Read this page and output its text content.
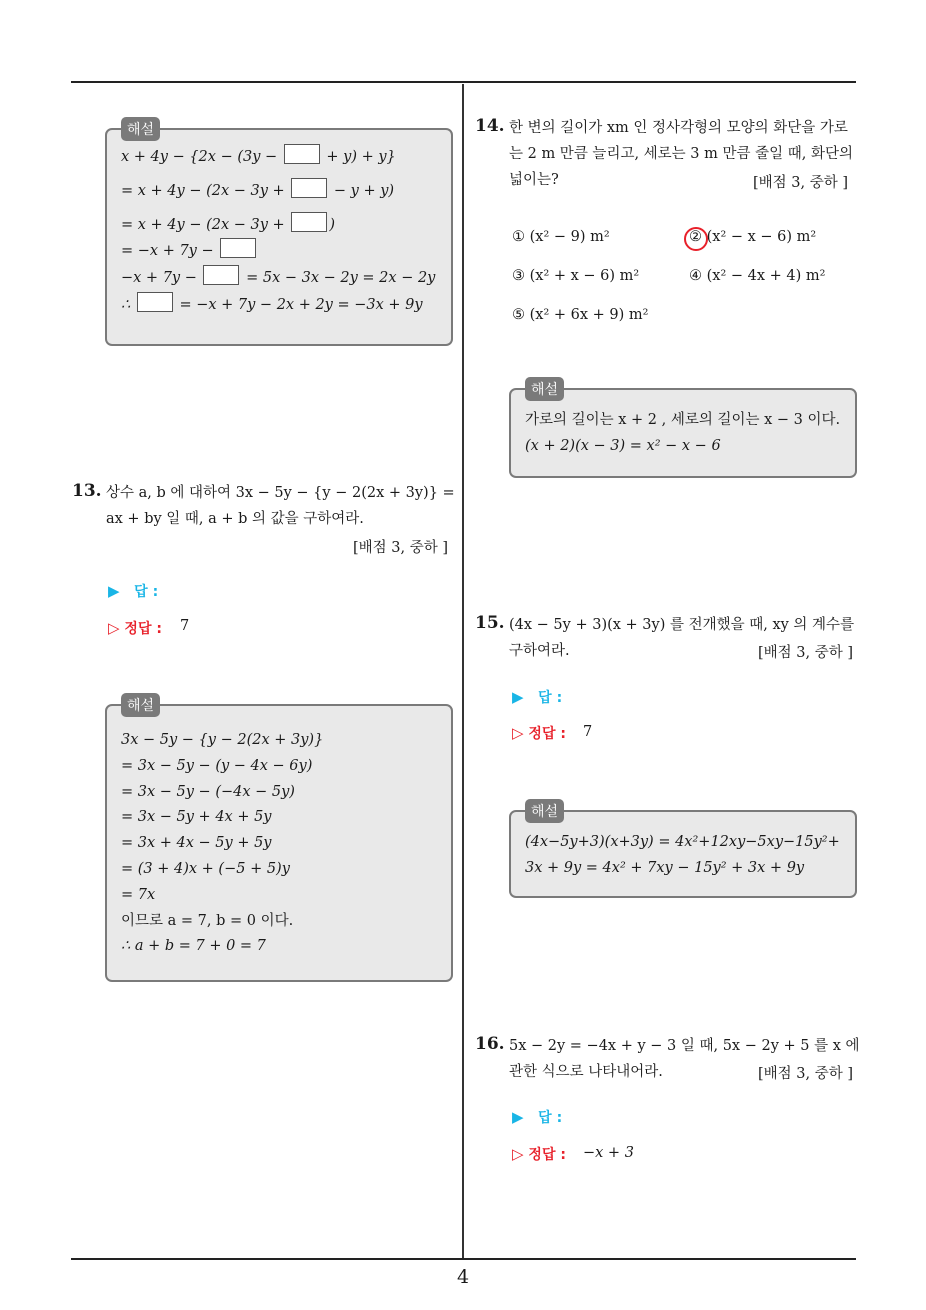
4
해설
x + 4y − {2x − (3y −	+ y) + y}
= x + 4y − (2x − 3y +	− y + y)
= x + 4y − (2x − 3y +	)
= −x + 7y −
−x + 7y −	= 5x − 3x − 2y = 2x − 2y
∴	= −x + 7y − 2x + 2y = −3x + 9y
13. 상수 a, b 에 대하여 3x − 5y − {y − 2(2x + 3y)} =
ax + by 일 때, a + b 의 값을 구하여라.
[배점 3, 중하 ]
▶ 답 :
▷ 정답 : 7
해설
3x − 5y − {y − 2(2x + 3y)}
= 3x − 5y − (y − 4x − 6y)
= 3x − 5y − (−4x − 5y)
= 3x − 5y + 4x + 5y
= 3x + 4x − 5y + 5y
= (3 + 4)x + (−5 + 5)y
= 7x
이므로 a = 7, b = 0 이다.
∴ a + b = 7 + 0 = 7
14. 한 변의 길이가 xm 인 정사각형의 모양의 화단을 가로
는 2 m 만큼 늘리고, 세로는 3 m 만큼 줄일 때, 화단의
넓이는?	[배점 3, 중하 ]
① (x² − 9) m²	② (x² − x − 6) m²
③ (x² + x − 6) m²	④ (x² − 4x + 4) m²
⑤ (x² + 6x + 9) m²
해설
가로의 길이는 x + 2 , 세로의 길이는 x − 3 이다.
(x + 2)(x − 3) = x² − x − 6
15. (4x − 5y + 3)(x + 3y) 를 전개했을 때, xy 의 계수를
구하여라.	[배점 3, 중하 ]
▶ 답 :
▷ 정답 : 7
해설
(4x−5y+3)(x+3y) = 4x²+12xy−5xy−15y²+
3x + 9y = 4x² + 7xy − 15y² + 3x + 9y
16. 5x − 2y = −4x + y − 3 일 때, 5x − 2y + 5 를 x 에
관한 식으로 나타내어라.	[배점 3, 중하 ]
▶ 답 :
▷ 정답 : −x + 3
